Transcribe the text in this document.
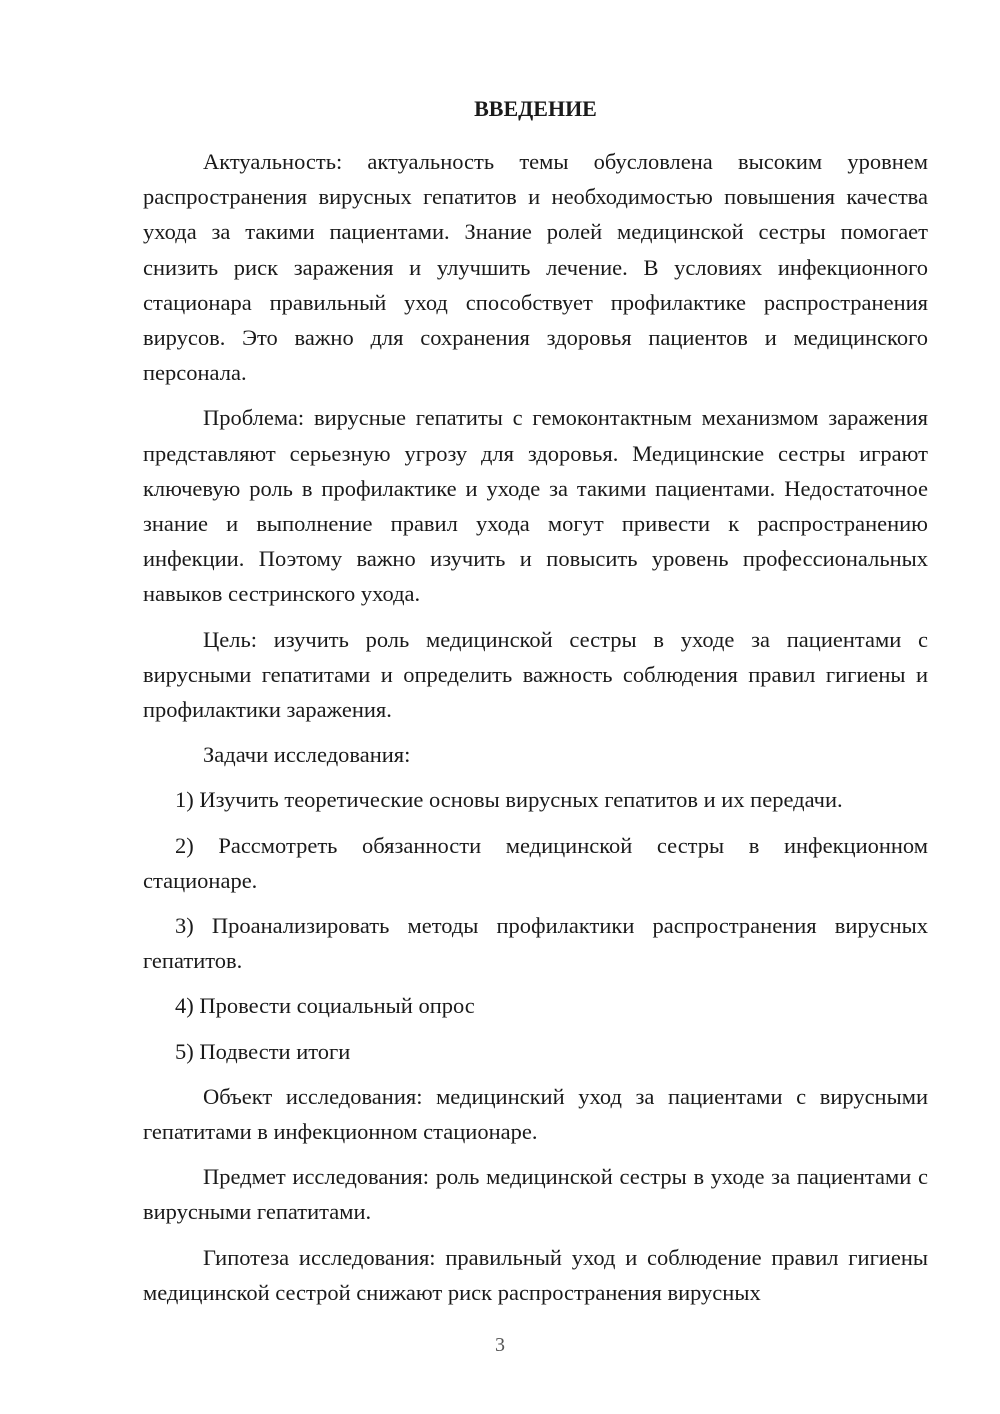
ВВЕДЕНИЕ

Актуальность: актуальность темы обусловлена высоким уровнем распространения вирусных гепатитов и необходимостью повышения качества ухода за такими пациентами. Знание ролей медицинской сестры помогает снизить риск заражения и улучшить лечение. В условиях инфекционного стационара правильный уход способствует профилактике распространения вирусов. Это важно для сохранения здоровья пациентов и медицинского персонала.

Проблема: вирусные гепатиты с гемоконтактным механизмом заражения представляют серьезную угрозу для здоровья. Медицинские сестры играют ключевую роль в профилактике и уходе за такими пациентами. Недостаточное знание и выполнение правил ухода могут привести к распространению инфекции. Поэтому важно изучить и повысить уровень профессиональных навыков сестринского ухода.

Цель: изучить роль медицинской сестры в уходе за пациентами с вирусными гепатитами и определить важность соблюдения правил гигиены и профилактики заражения.

Задачи исследования:

1) Изучить теоретические основы вирусных гепатитов и их передачи.

2) Рассмотреть обязанности медицинской сестры в инфекционном стационаре.

3) Проанализировать методы профилактики распространения вирусных гепатитов.

4) Провести социальный опрос

5) Подвести итоги

Объект исследования: медицинский уход за пациентами с вирусными гепатитами в инфекционном стационаре.

Предмет исследования: роль медицинской сестры в уходе за пациентами с вирусными гепатитами.

Гипотеза исследования: правильный уход и соблюдение правил гигиены медицинской сестрой снижают риск распространения вирусных

3
